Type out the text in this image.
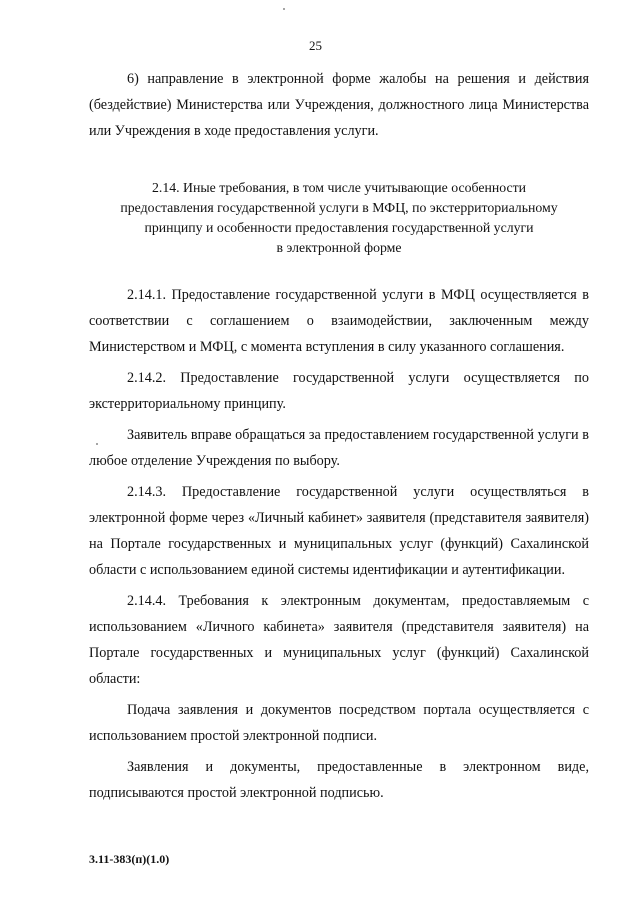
25

6) направление в электронной форме жалобы на решения и действия (бездействие) Министерства или Учреждения, должностного лица Министерства или Учреждения в ходе предоставления услуги.

2.14. Иные требования, в том числе учитывающие особенности
предоставления государственной услуги в МФЦ, по экстерриториальному
принципу и особенности предоставления государственной услуги
в электронной форме

2.14.1. Предоставление государственной услуги в МФЦ осуществляется в соответствии с соглашением о взаимодействии, заключенным между Министерством и МФЦ, с момента вступления в силу указанного соглашения.

2.14.2. Предоставление государственной услуги осуществляется по экстерриториальному принципу.

Заявитель вправе обращаться за предоставлением государственной услуги в любое отделение Учреждения по выбору.

2.14.3. Предоставление государственной услуги осуществляться в электронной форме через «Личный кабинет» заявителя (представителя заявителя) на Портале государственных и муниципальных услуг (функций) Сахалинской области с использованием единой системы идентификации и аутентификации.

2.14.4. Требования к электронным документам, предоставляемым с использованием «Личного кабинета» заявителя (представителя заявителя) на Портале государственных и муниципальных услуг (функций) Сахалинской области:

Подача заявления и документов посредством портала осуществляется с использованием простой электронной подписи.

Заявления и документы, предоставленные в электронном виде, подписываются простой электронной подписью.

3.11-383(п)(1.0)
